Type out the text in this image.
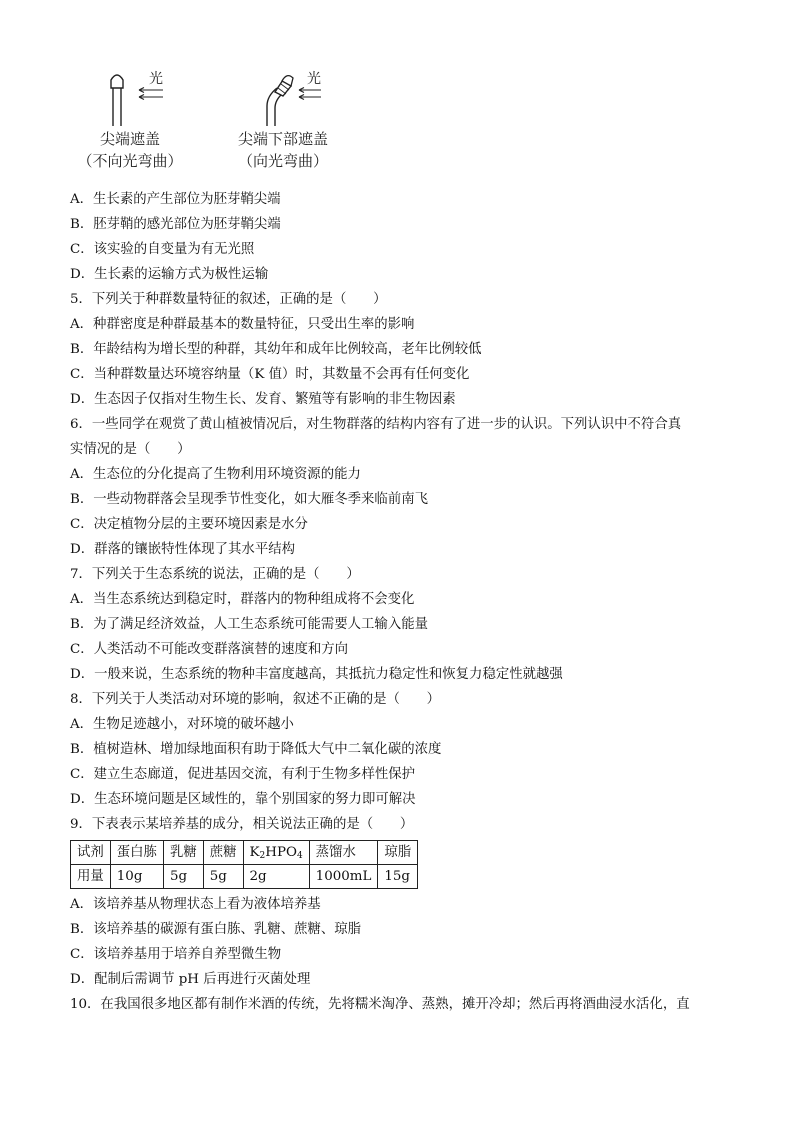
光
尖端遮盖
（不向光弯曲）
光
尖端下部遮盖
（向光弯曲）
A．生长素的产生部位为胚芽鞘尖端
B．胚芽鞘的感光部位为胚芽鞘尖端
C．该实验的自变量为有无光照
D．生长素的运输方式为极性运输
5．下列关于种群数量特征的叙述，正确的是（　　）
A．种群密度是种群最基本的数量特征，只受出生率的影响
B．年龄结构为增长型的种群，其幼年和成年比例较高，老年比例较低
C．当种群数量达环境容纳量（K 值）时，其数量不会再有任何变化
D．生态因子仅指对生物生长、发育、繁殖等有影响的非生物因素
6．一些同学在观赏了黄山植被情况后，对生物群落的结构内容有了进一步的认识。下列认识中不符合真
实情况的是（　　）
A．生态位的分化提高了生物利用环境资源的能力
B．一些动物群落会呈现季节性变化，如大雁冬季来临前南飞
C．决定植物分层的主要环境因素是水分
D．群落的镶嵌特性体现了其水平结构
7．下列关于生态系统的说法，正确的是（　　）
A．当生态系统达到稳定时，群落内的物种组成将不会变化
B．为了满足经济效益，人工生态系统可能需要人工输入能量
C．人类活动不可能改变群落演替的速度和方向
D．一般来说，生态系统的物种丰富度越高，其抵抗力稳定性和恢复力稳定性就越强
8．下列关于人类活动对环境的影响，叙述不正确的是（　　）
A．生物足迹越小，对环境的破坏越小
B．植树造林、增加绿地面积有助于降低大气中二氧化碳的浓度
C．建立生态廊道，促进基因交流，有利于生物多样性保护
D．生态环境问题是区域性的，靠个别国家的努力即可解决
9．下表表示某培养基的成分，相关说法正确的是（　　）
试剂	蛋白胨	乳糖	蔗糖	$K_2HPO_4$	蒸馏水	琼脂
用量	10g	5g	5g	2g	1000mL	15g
A．该培养基从物理状态上看为液体培养基
B．该培养基的碳源有蛋白胨、乳糖、蔗糖、琼脂
C．该培养基用于培养自养型微生物
D．配制后需调节 pH 后再进行灭菌处理
10．在我国很多地区都有制作米酒的传统，先将糯米淘净、蒸熟，摊开冷却；然后再将酒曲浸水活化，直
